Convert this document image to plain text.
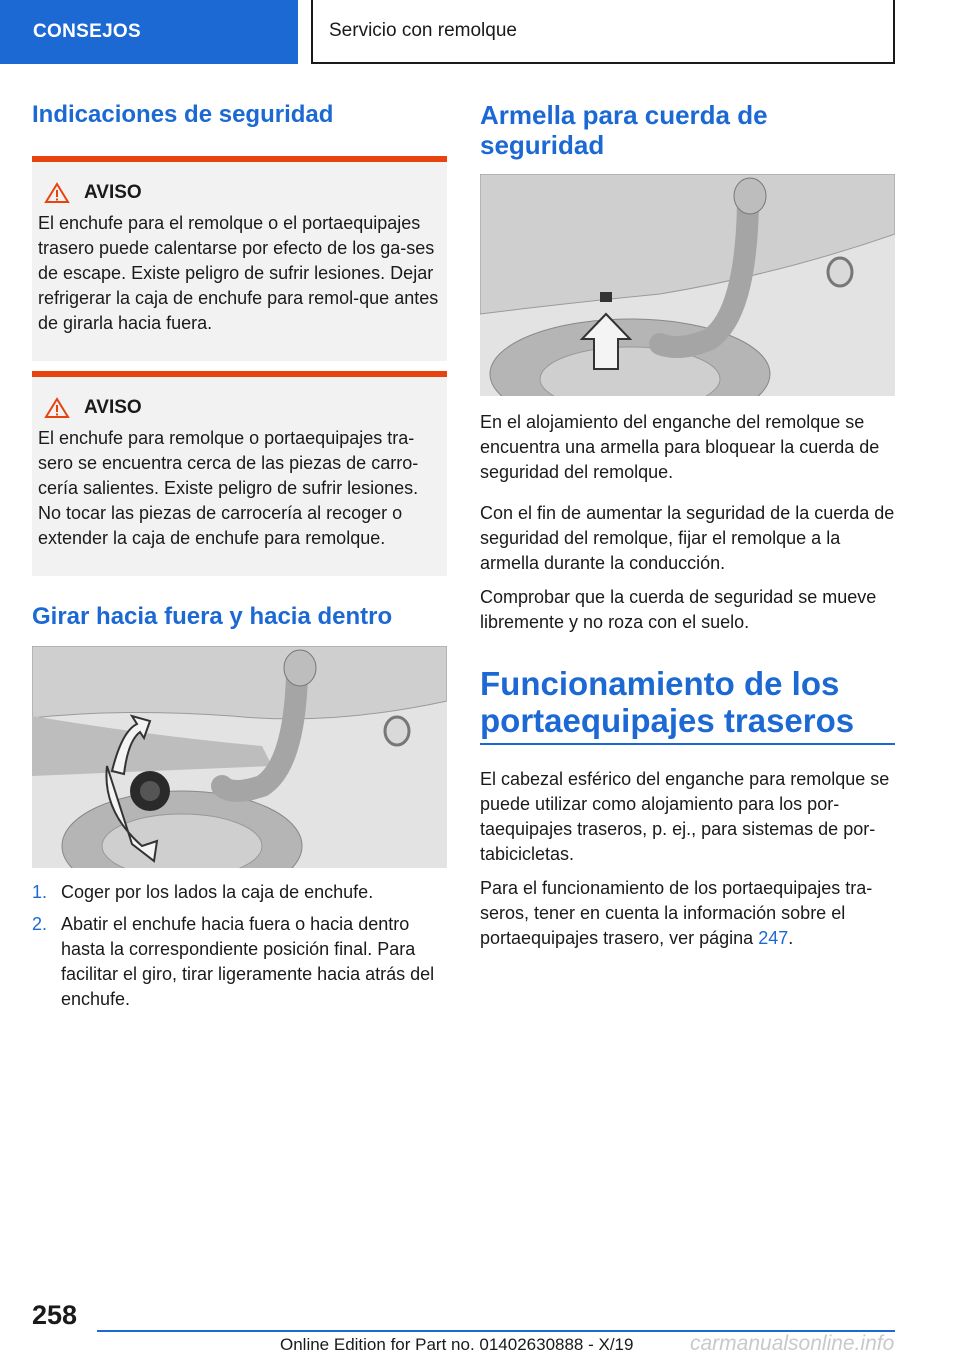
CONSEJOS	Servicio con remolque
Indicaciones de seguridad
AVISO

El enchufe para el remolque o el portaequipajes trasero puede calentarse por efecto de los ga-ses de escape. Existe peligro de sufrir lesiones. Dejar refrigerar la caja de enchufe para remol-que antes de girarla hacia fuera.

AVISO

El enchufe para remolque o portaequipajes tra-sero se encuentra cerca de las piezas de carro-cería salientes. Existe peligro de sufrir lesiones. No tocar las piezas de carrocería al recoger o extender la caja de enchufe para remolque.

Girar hacia fuera y hacia dentro
1. Coger por los lados la caja de enchufe.
2. Abatir el enchufe hacia fuera o hacia dentro hasta la correspondiente posición final. Para facilitar el giro, tirar ligeramente hacia atrás del enchufe.
Armella para cuerda de seguridad

En el alojamiento del enganche del remolque se encuentra una armella para bloquear la cuerda de seguridad del remolque.

Con el fin de aumentar la seguridad de la cuerda de seguridad del remolque, fijar el remolque a la armella durante la conducción.

Comprobar que la cuerda de seguridad se mueve libremente y no roza con el suelo.

Funcionamiento de los portaequipajes traseros

El cabezal esférico del enganche para remolque se puede utilizar como alojamiento para los por-taequipajes traseros, p. ej., para sistemas de por-tabicicletas.

Para el funcionamiento de los portaequipajes tra-seros, tener en cuenta la información sobre el portaequipajes trasero, ver página 247.

258
Online Edition for Part no. 01402630888 - X/19	carmanualsonline.info
